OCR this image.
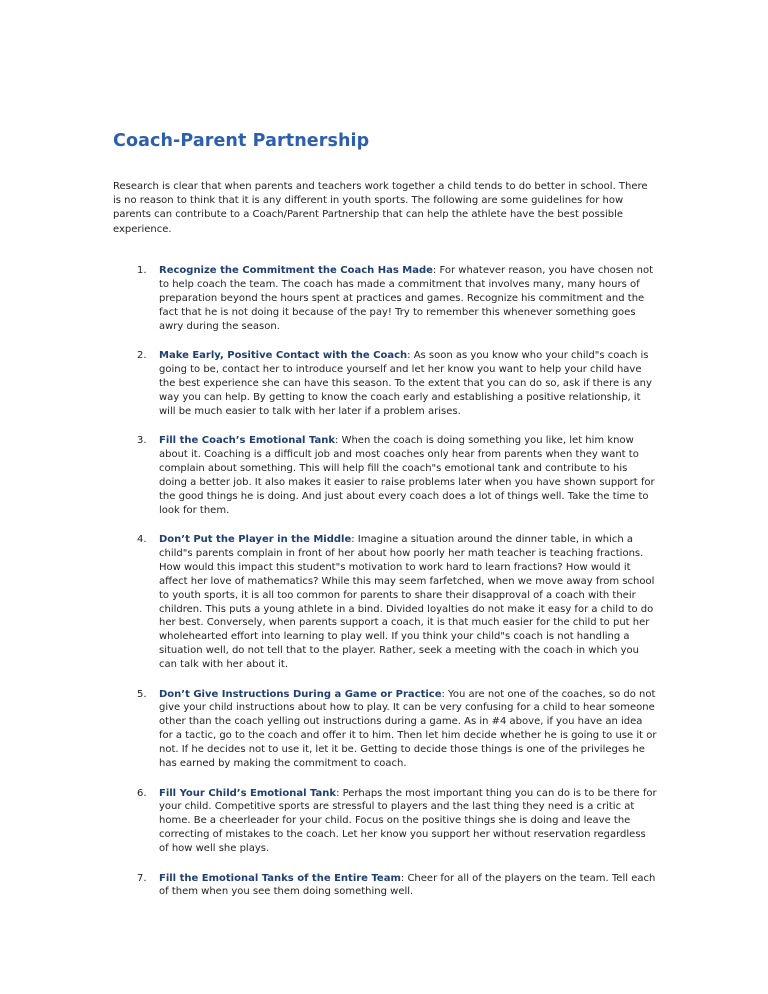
Coach-Parent Partnership

Research is clear that when parents and teachers work together a child tends to do better in school. There is no reason to think that it is any different in youth sports. The following are some guidelines for how parents can contribute to a Coach/Parent Partnership that can help the athlete have the best possible experience.

1. Recognize the Commitment the Coach Has Made: For whatever reason, you have chosen not to help coach the team. The coach has made a commitment that involves many, many hours of preparation beyond the hours spent at practices and games. Recognize his commitment and the fact that he is not doing it because of the pay! Try to remember this whenever something goes awry during the season.
2. Make Early, Positive Contact with the Coach: As soon as you know who your child"s coach is going to be, contact her to introduce yourself and let her know you want to help your child have the best experience she can have this season. To the extent that you can do so, ask if there is any way you can help. By getting to know the coach early and establishing a positive relationship, it will be much easier to talk with her later if a problem arises.
3. Fill the Coach’s Emotional Tank: When the coach is doing something you like, let him know about it. Coaching is a difficult job and most coaches only hear from parents when they want to complain about something. This will help fill the coach"s emotional tank and contribute to his doing a better job. It also makes it easier to raise problems later when you have shown support for the good things he is doing. And just about every coach does a lot of things well. Take the time to look for them.
4. Don’t Put the Player in the Middle: Imagine a situation around the dinner table, in which a child"s parents complain in front of her about how poorly her math teacher is teaching fractions. How would this impact this student"s motivation to work hard to learn fractions? How would it affect her love of mathematics? While this may seem farfetched, when we move away from school to youth sports, it is all too common for parents to share their disapproval of a coach with their children. This puts a young athlete in a bind. Divided loyalties do not make it easy for a child to do her best. Conversely, when parents support a coach, it is that much easier for the child to put her wholehearted effort into learning to play well. If you think your child"s coach is not handling a situation well, do not tell that to the player. Rather, seek a meeting with the coach in which you can talk with her about it.
5. Don’t Give Instructions During a Game or Practice: You are not one of the coaches, so do not give your child instructions about how to play. It can be very confusing for a child to hear someone other than the coach yelling out instructions during a game. As in #4 above, if you have an idea for a tactic, go to the coach and offer it to him. Then let him decide whether he is going to use it or not. If he decides not to use it, let it be. Getting to decide those things is one of the privileges he has earned by making the commitment to coach.
6. Fill Your Child’s Emotional Tank: Perhaps the most important thing you can do is to be there for your child. Competitive sports are stressful to players and the last thing they need is a critic at home. Be a cheerleader for your child. Focus on the positive things she is doing and leave the correcting of mistakes to the coach. Let her know you support her without reservation regardless of how well she plays.
7. Fill the Emotional Tanks of the Entire Team: Cheer for all of the players on the team. Tell each of them when you see them doing something well.
